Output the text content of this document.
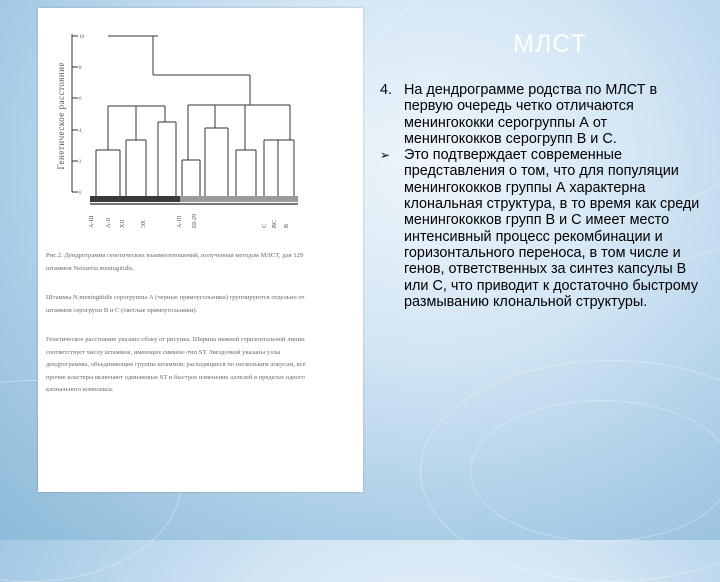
10
8
6
4
2
0
А-Ш А-II ХII	ЭХ	А-III Ш-29	С ВС В
Генетическое расстояние
Рис.2. Дендрограмма генетических взаимоотношений, полученная методом МЛСТ, для 129 штаммов Neisseria meningitidis.
Штаммы N.meningitidis серогруппы А (черные прямоугольники) группируются отдельно от штаммов серогрупп В и С (светлые прямоугольники).
Генетическое расстояние указано сбоку от рисунка. Ширина нижней горизонтальной линии соответствует числу штаммов, имеющих сиквенс-тип ST. Звездочкой указаны узлы дендрограммы, объединяющие группы штаммов, расходящиеся по нескольким локусам, все прочие кластеры включают одинаковые ST и быстрое изменение аллелей в пределах одного клонального комплекса.
МЛСТ

4. На дендрограмме родства по МЛСТ в первую очередь четко отличаются менингококки серогруппы А от менингококков серогрупп В и С.

➢ Это подтверждает современные представления о том, что для популяции менингококков группы А характерна клональная структура, в то время как среди менингококков групп В и С имеет место интенсивный процесс рекомбинации и горизонтального переноса, в том числе и генов, ответственных за синтез капсулы В или С, что приводит к достаточно быстрому размыванию клональной структуры.
